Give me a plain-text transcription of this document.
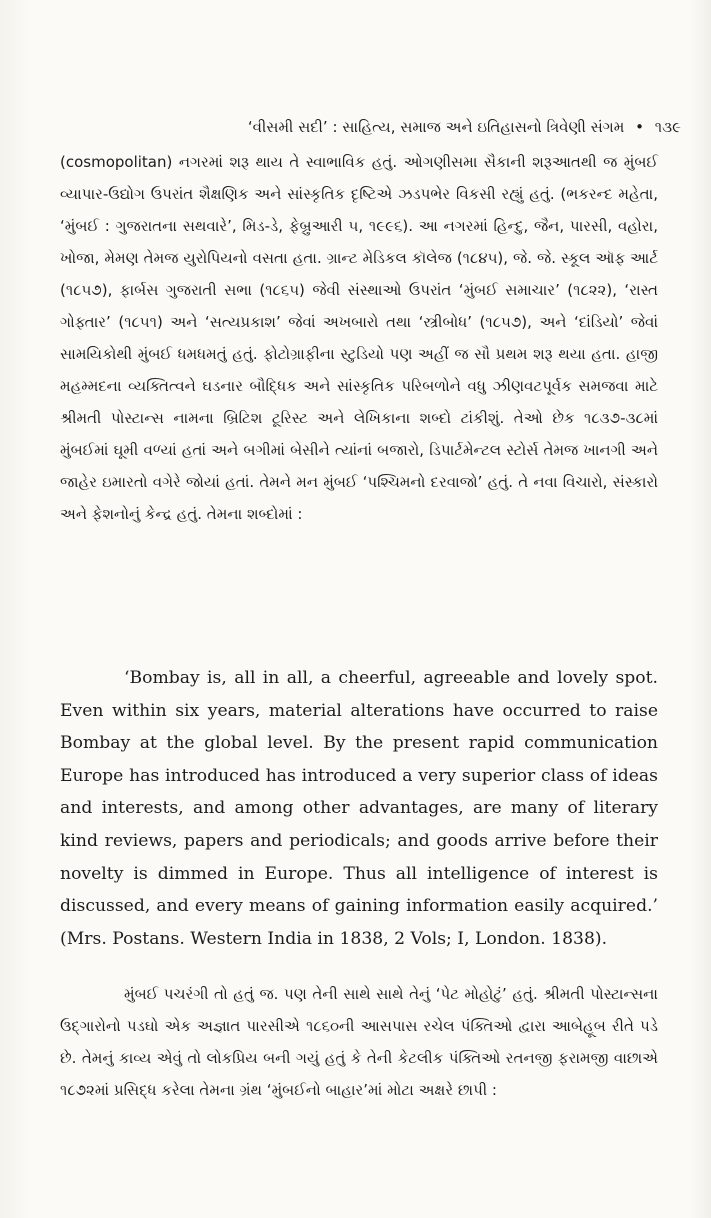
‘વીસમી સદી’ : સાહિત્ય, સમાજ અને ઇતિહાસનો ત્રિવેણી સંગમ • ૧૩૯

(cosmopolitan) નગરમાં શરૂ થાય તે સ્વાભાવિક હતું. ઓગણીસમા સૈકાની શરૂઆતથી જ મુંબઈ વ્યાપાર-ઉદ્યોગ ઉપરાંત શૈક્ષણિક અને સાંસ્કૃતિક દૃષ્ટિએ ઝડપભેર વિકસી રહ્યું હતું. (ભકરન્દ મહેતા, ‘મુંબઈ : ગુજરાતના સથવારે’, મિડ-ડે, ફેબ્રુઆરી ૫, ૧૯૯૬). આ નગરમાં હિન્દુ, જૈન, પારસી, વહોરા, ખોજા, મેમણ તેમજ યુરોપિયનો વસતા હતા. ગ્રાન્ટ મેડિકલ કૉલેજ (૧૮૪૫), જે. જે. સ્કૂલ ઑફ આર્ટ (૧૮૫૭), ફાર્બસ ગુજરાતી સભા (૧૮૬૫) જેવી સંસ્થાઓ ઉપરાંત ‘મુંબઈ સમાચાર’ (૧૮૨૨), ‘રાસ્ત ગોફ્તાર’ (૧૮૫૧) અને ‘સત્યપ્રકાશ’ જેવાં અખબારો તથા ‘સ્ત્રીબોધ’ (૧૮૫૭), અને ‘દાંડિયો’ જેવાં સામયિકોથી મુંબઈ ધમધમતું હતું. ફોટોગ્રાફીના સ્ટુડિયો પણ અહીં જ સૌ પ્રથમ શરૂ થયા હતા. હાજી મહમ્મદના વ્યક્તિત્વને ઘડનાર બૌદ્ધિક અને સાંસ્કૃતિક પરિબળોને વધુ ઝીણવટપૂર્વક સમજવા માટે શ્રીમતી પોસ્ટાન્સ નામના બ્રિટિશ ટૂરિસ્ટ અને લેખિકાના શબ્દો ટાંકીશું. તેઓ છેક ૧૮૩૭-૩૮માં મુંબઈમાં ઘૂમી વળ્યાં હતાં અને બગીમાં બેસીને ત્યાંનાં બજારો, ડિપાર્ટમેન્ટલ સ્ટોર્સ તેમજ ખાનગી અને જાહેર ઇમારતો વગેરે જોયાં હતાં. તેમને મન મુંબઈ ‘પશ્ચિમનો દરવાજો’ હતું. તે નવા વિચારો, સંસ્કારો અને ફેશનોનું કેન્દ્ર હતું. તેમના શબ્દોમાં :

‘Bombay is, all in all, a cheerful, agreeable and lovely spot. Even within six years, material alterations have occurred to raise Bombay at the global level. By the present rapid communication Europe has introduced has introduced a very superior class of ideas and interests, and among other advantages, are many of literary kind reviews, papers and periodicals; and goods arrive before their novelty is dimmed in Europe. Thus all intelligence of interest is discussed, and every means of gaining information easily acquired.’ (Mrs. Postans. Western India in 1838, 2 Vols; I, London. 1838).

મુંબઈ પચરંગી તો હતું જ. પણ તેની સાથે સાથે તેનું ‘પેટ મોહોટું’ હતું. શ્રીમતી પોસ્ટાન્સના ઉદ્‌ગારોનો પડઘો એક અજ્ઞાત પારસીએ ૧૮૬૦ની આસપાસ રચેલ પંક્તિઓ દ્વારા આબેહૂબ રીતે પડે છે. તેમનું કાવ્ય એવું તો લોકપ્રિય બની ગયું હતું કે તેની કેટલીક પંક્તિઓ રતનજી ફરામજી વાછાએ ૧૮૭૨માં પ્રસિદ્ધ કરેલા તેમના ગ્રંથ ‘મુંબઈનો બાહાર’માં મોટા અક્ષરે છાપી :
